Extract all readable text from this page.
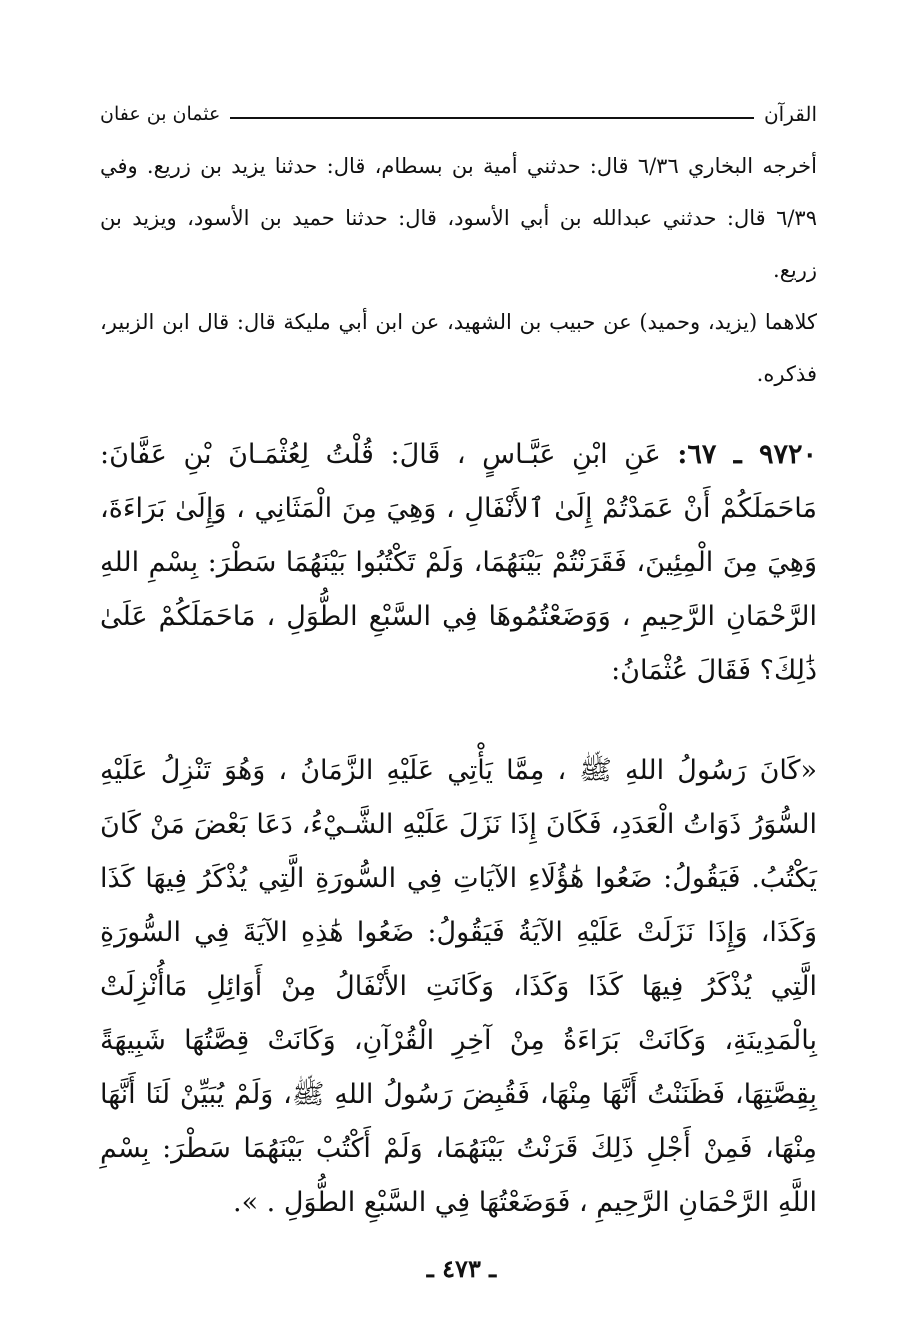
القرآن
عثمان بن عفان

أخرجه البخاري ٦/٣٦ قال: حدثني أمية بن بسطام، قال: حدثنا يزيد بن زريع. وفي ٦/٣٩ قال: حدثني عبدالله بن أبي الأسود، قال: حدثنا حميد بن الأسود، ويزيد بن زريع.

كلاهما (يزيد، وحميد) عن حبيب بن الشهيد، عن ابن أبي مليكة قال: قال ابن الزبير، فذكره.

٩٧٢٠ ـ ٦٧: عَنِ ابْنِ عَبَّـاسٍ ، قَالَ: قُلْتُ لِعُثْمَـانَ بْنِ عَفَّانَ: مَاحَمَلَكُمْ أَنْ عَمَدْتُمْ إِلَىٰ ٱلأَنْفَالِ ، وَهِيَ مِنَ الْمَثَانِي ، وَإِلَىٰ بَرَاءَةَ، وَهِيَ مِنَ الْمِئِينَ، فَقَرَنْتُمْ بَيْنَهُمَا، وَلَمْ تَكْتُبُوا بَيْنَهُمَا سَطْرَ: بِسْمِ اللهِ الرَّحْمَانِ الرَّحِيمِ ، وَوَضَعْتُمُوهَا فِي السَّبْعِ الطُّوَلِ ، مَاحَمَلَكُمْ عَلَىٰ ذَٰلِكَ؟ فَقَالَ عُثْمَانُ:

«كَانَ رَسُولُ اللهِ ﷺ ، مِمَّا يَأْتِي عَلَيْهِ الزَّمَانُ ، وَهُوَ تَنْزِلُ عَلَيْهِ السُّوَرُ ذَوَاتُ الْعَدَدِ، فَكَانَ إِذَا نَزَلَ عَلَيْهِ الشَّـيْءُ، دَعَا بَعْضَ مَنْ كَانَ يَكْتُبُ. فَيَقُولُ: ضَعُوا هَٰؤُلَاءِ الآيَاتِ فِي السُّورَةِ الَّتِي يُذْكَرُ فِيهَا كَذَا وَكَذَا، وَإِذَا نَزَلَتْ عَلَيْهِ الآيَةُ فَيَقُولُ: ضَعُوا هَٰذِهِ الآيَةَ فِي السُّورَةِ الَّتِي يُذْكَرُ فِيهَا كَذَا وَكَذَا، وَكَانَتِ الأَنْفَالُ مِنْ أَوَائِلِ مَاأُنْزِلَتْ بِالْمَدِينَةِ، وَكَانَتْ بَرَاءَةُ مِنْ آخِرِ الْقُرْآنِ، وَكَانَتْ قِصَّتُهَا شَبِيهَةً بِقِصَّتِهَا، فَظَنَنْتُ أَنَّهَا مِنْهَا، فَقُبِضَ رَسُولُ اللهِ ﷺ، وَلَمْ يُبَيِّنْ لَنَا أَنَّهَا مِنْهَا، فَمِنْ أَجْلِ ذَلِكَ قَرَنْتُ بَيْنَهُمَا، وَلَمْ أَكْتُبْ بَيْنَهُمَا سَطْرَ: بِسْمِ اللَّهِ الرَّحْمَانِ الرَّحِيمِ ، فَوَضَعْتُهَا فِي السَّبْعِ الطُّوَلِ . ».

ـ ٤٧٣ ـ
